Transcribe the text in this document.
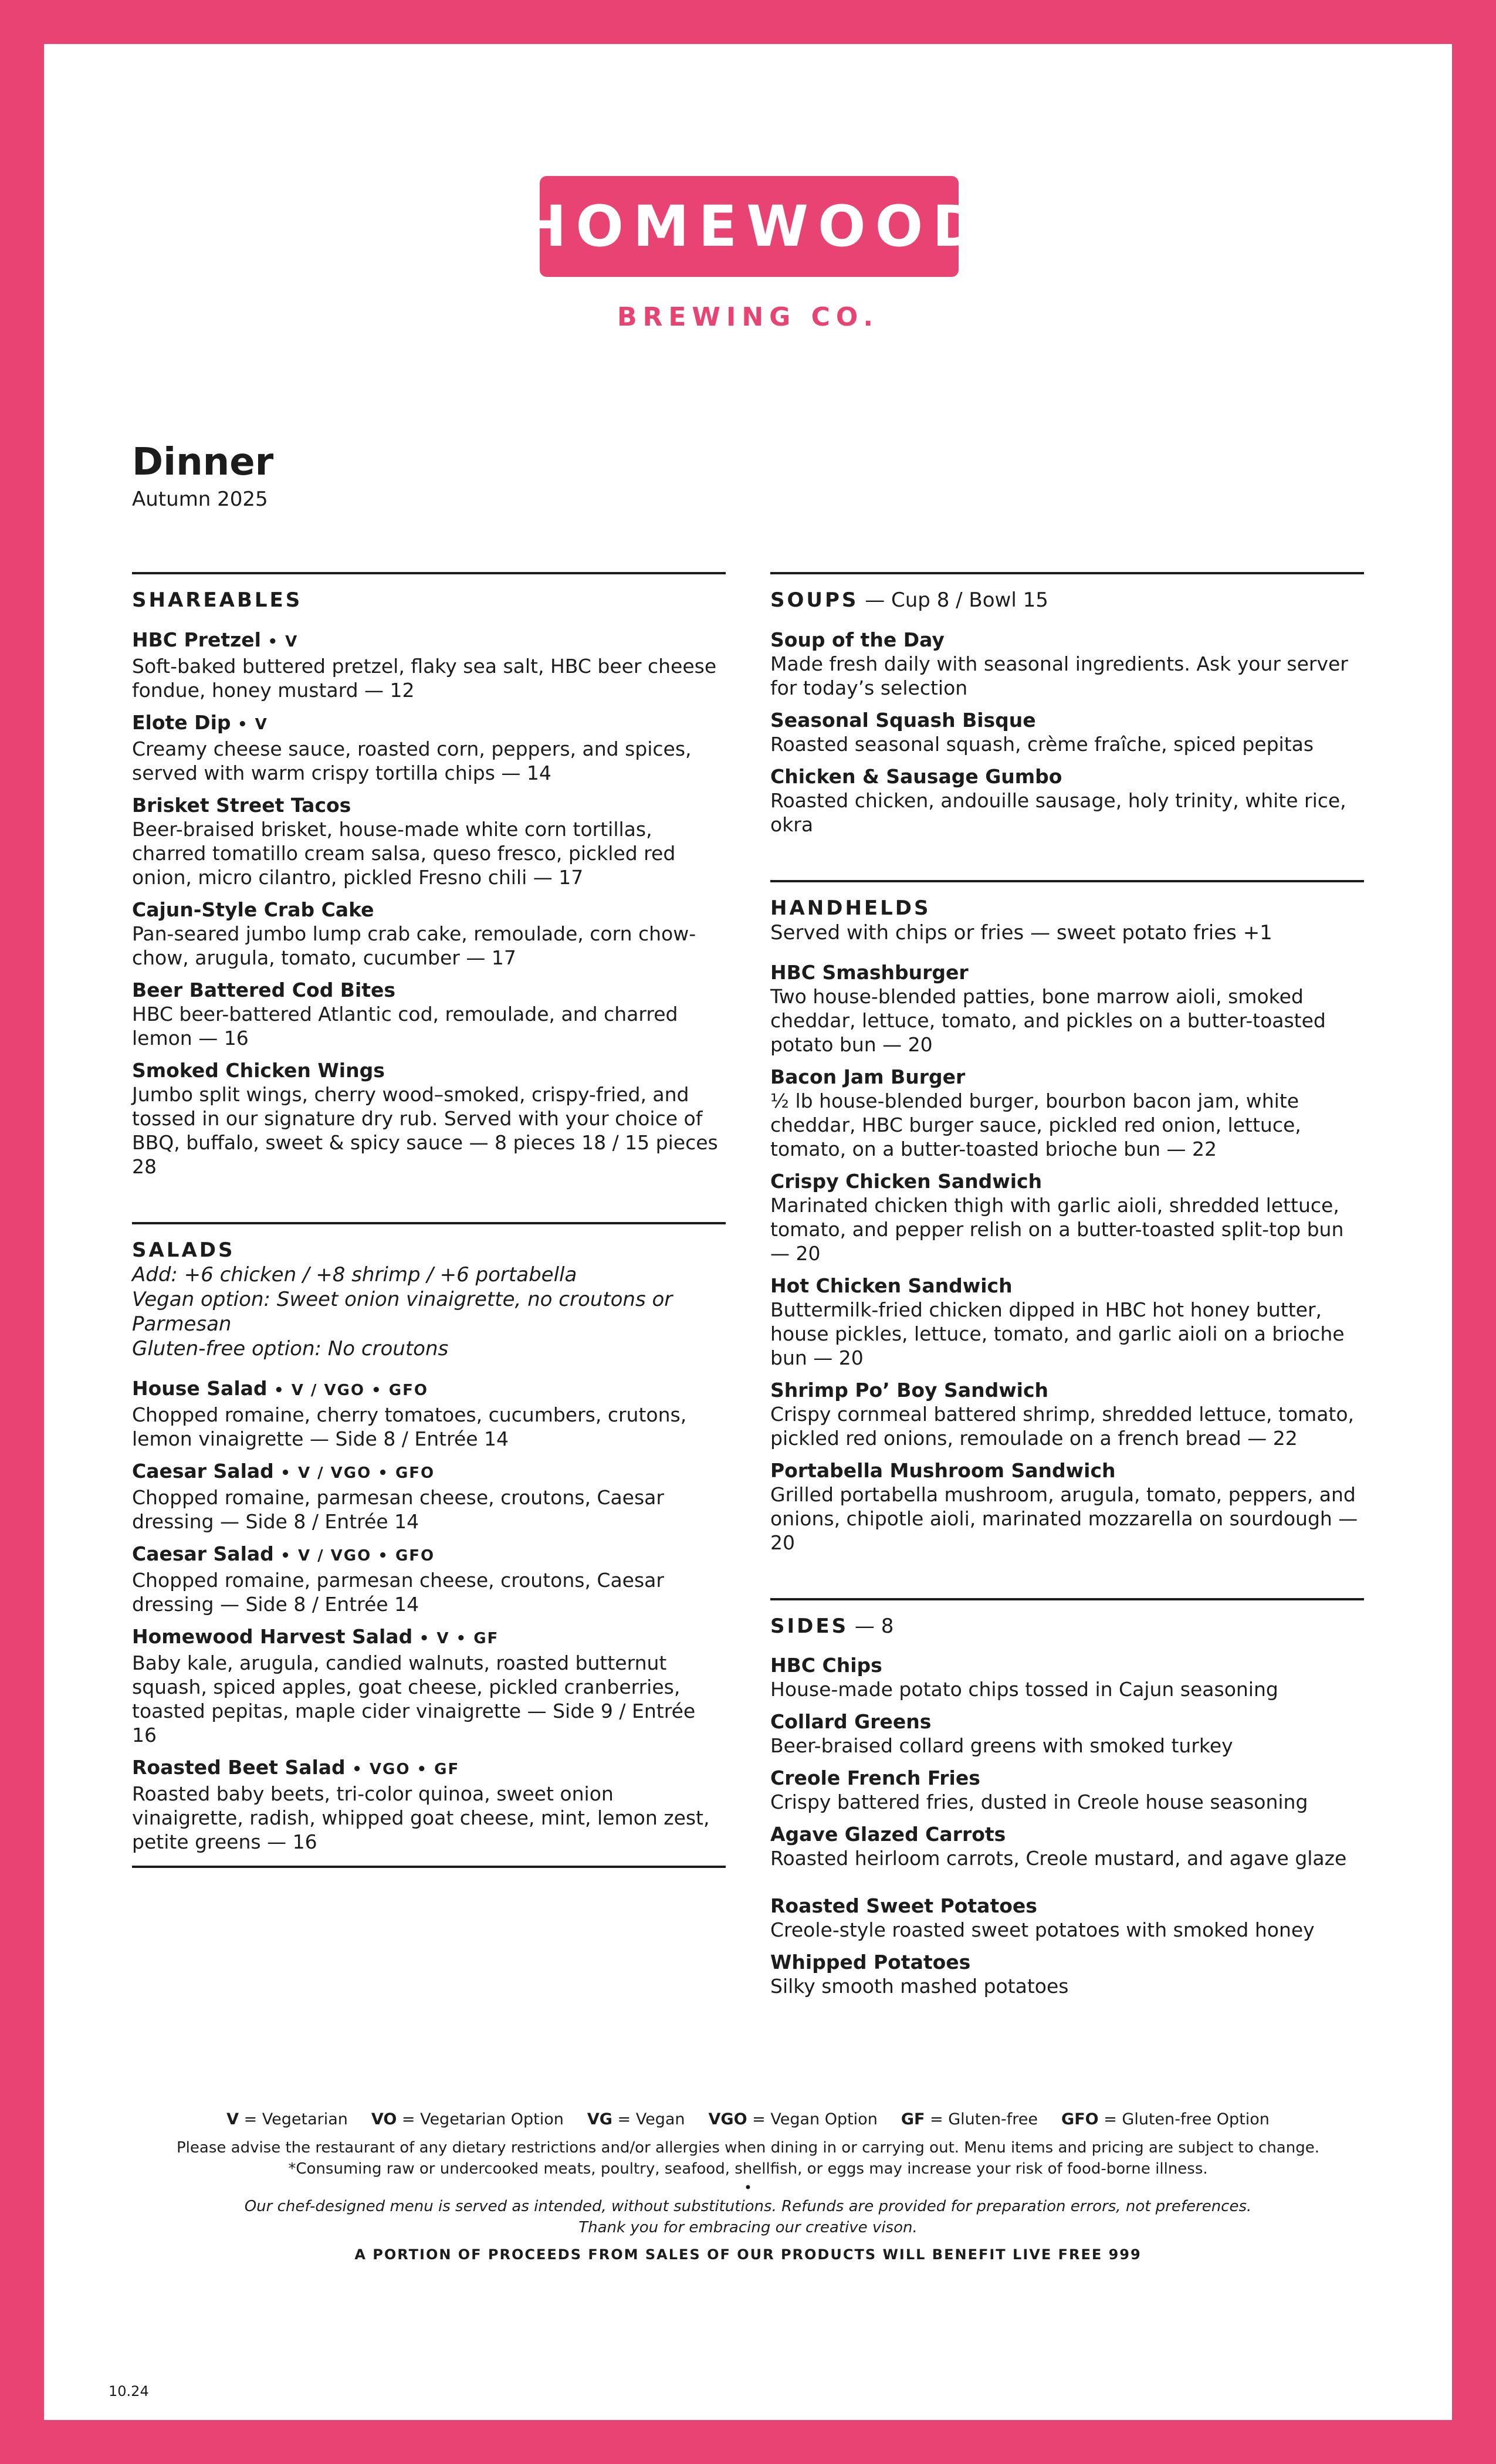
HOMEWOOD
BREWING CO.
Dinner
Autumn 2025
SHAREABLES
HBC Pretzel • V
Soft-baked buttered pretzel, flaky sea salt, HBC beer cheese fondue, honey mustard — 12
Elote Dip • V
Creamy cheese sauce, roasted corn, peppers, and spices, served with warm crispy tortilla chips — 14
Brisket Street Tacos
Beer-braised brisket, house-made white corn tortillas, charred tomatillo cream salsa, queso fresco, pickled red onion, micro cilantro, pickled Fresno chili — 17
Cajun-Style Crab Cake
Pan-seared jumbo lump crab cake, remoulade, corn chow-chow, arugula, tomato, cucumber — 17
Beer Battered Cod Bites
HBC beer-battered Atlantic cod, remoulade, and charred lemon — 16
Smoked Chicken Wings
Jumbo split wings, cherry wood–smoked, crispy-fried, and tossed in our signature dry rub. Served with your choice of BBQ, buffalo, sweet & spicy sauce — 8 pieces 18 / 15 pieces 28
SALADS
Add: +6 chicken / +8 shrimp / +6 portabella
Vegan option: Sweet onion vinaigrette, no croutons or Parmesan
Gluten-free option: No croutons
House Salad • V / VGO • GFO
Chopped romaine, cherry tomatoes, cucumbers, crutons, lemon vinaigrette — Side 8 / Entrée 14
Caesar Salad • V / VGO • GFO
Chopped romaine, parmesan cheese, croutons, Caesar dressing — Side 8 / Entrée 14
Caesar Salad • V / VGO • GFO
Chopped romaine, parmesan cheese, croutons, Caesar dressing — Side 8 / Entrée 14
Homewood Harvest Salad • V • GF
Baby kale, arugula, candied walnuts, roasted butternut squash, spiced apples, goat cheese, pickled cranberries, toasted pepitas, maple cider vinaigrette — Side 9 / Entrée 16
Roasted Beet Salad • VGO • GF
Roasted baby beets, tri-color quinoa, sweet onion vinaigrette, radish, whipped goat cheese, mint, lemon zest, petite greens — 16
SOUPS — Cup 8 / Bowl 15
Soup of the Day
Made fresh daily with seasonal ingredients. Ask your server for today’s selection
Seasonal Squash Bisque
Roasted seasonal squash, crème fraîche, spiced pepitas
Chicken & Sausage Gumbo
Roasted chicken, andouille sausage, holy trinity, white rice, okra
HANDHELDS
Served with chips or fries — sweet potato fries +1
HBC Smashburger
Two house-blended patties, bone marrow aioli, smoked cheddar, lettuce, tomato, and pickles on a butter-toasted potato bun — 20
Bacon Jam Burger
½ lb house-blended burger, bourbon bacon jam, white cheddar, HBC burger sauce, pickled red onion, lettuce, tomato, on a butter-toasted brioche bun — 22
Crispy Chicken Sandwich
Marinated chicken thigh with garlic aioli, shredded lettuce, tomato, and pepper relish on a butter-toasted split-top bun — 20
Hot Chicken Sandwich
Buttermilk-fried chicken dipped in HBC hot honey butter, house pickles, lettuce, tomato, and garlic aioli on a brioche bun — 20
Shrimp Po’ Boy Sandwich
Crispy cornmeal battered shrimp, shredded lettuce, tomato, pickled red onions, remoulade on a french bread — 22
Portabella Mushroom Sandwich
Grilled portabella mushroom, arugula, tomato, peppers, and onions, chipotle aioli, marinated mozzarella on sourdough — 20
SIDES — 8
HBC Chips
House-made potato chips tossed in Cajun seasoning
Collard Greens
Beer-braised collard greens with smoked turkey
Creole French Fries
Crispy battered fries, dusted in Creole house seasoning
Agave Glazed Carrots
Roasted heirloom carrots, Creole mustard, and agave glaze
Roasted Sweet Potatoes
Creole-style roasted sweet potatoes with smoked honey
Whipped Potatoes
Silky smooth mashed potatoes
V = Vegetarian VO = Vegetarian Option VG = Vegan VGO = Vegan Option GF = Gluten-free GFO = Gluten-free Option
Please advise the restaurant of any dietary restrictions and/or allergies when dining in or carrying out. Menu items and pricing are subject to change.
*Consuming raw or undercooked meats, poultry, seafood, shellfish, or eggs may increase your risk of food-borne illness.
•
Our chef-designed menu is served as intended, without substitutions. Refunds are provided for preparation errors, not preferences.
Thank you for embracing our creative vison.
A PORTION OF PROCEEDS FROM SALES OF OUR PRODUCTS WILL BENEFIT LIVE FREE 999
10.24
